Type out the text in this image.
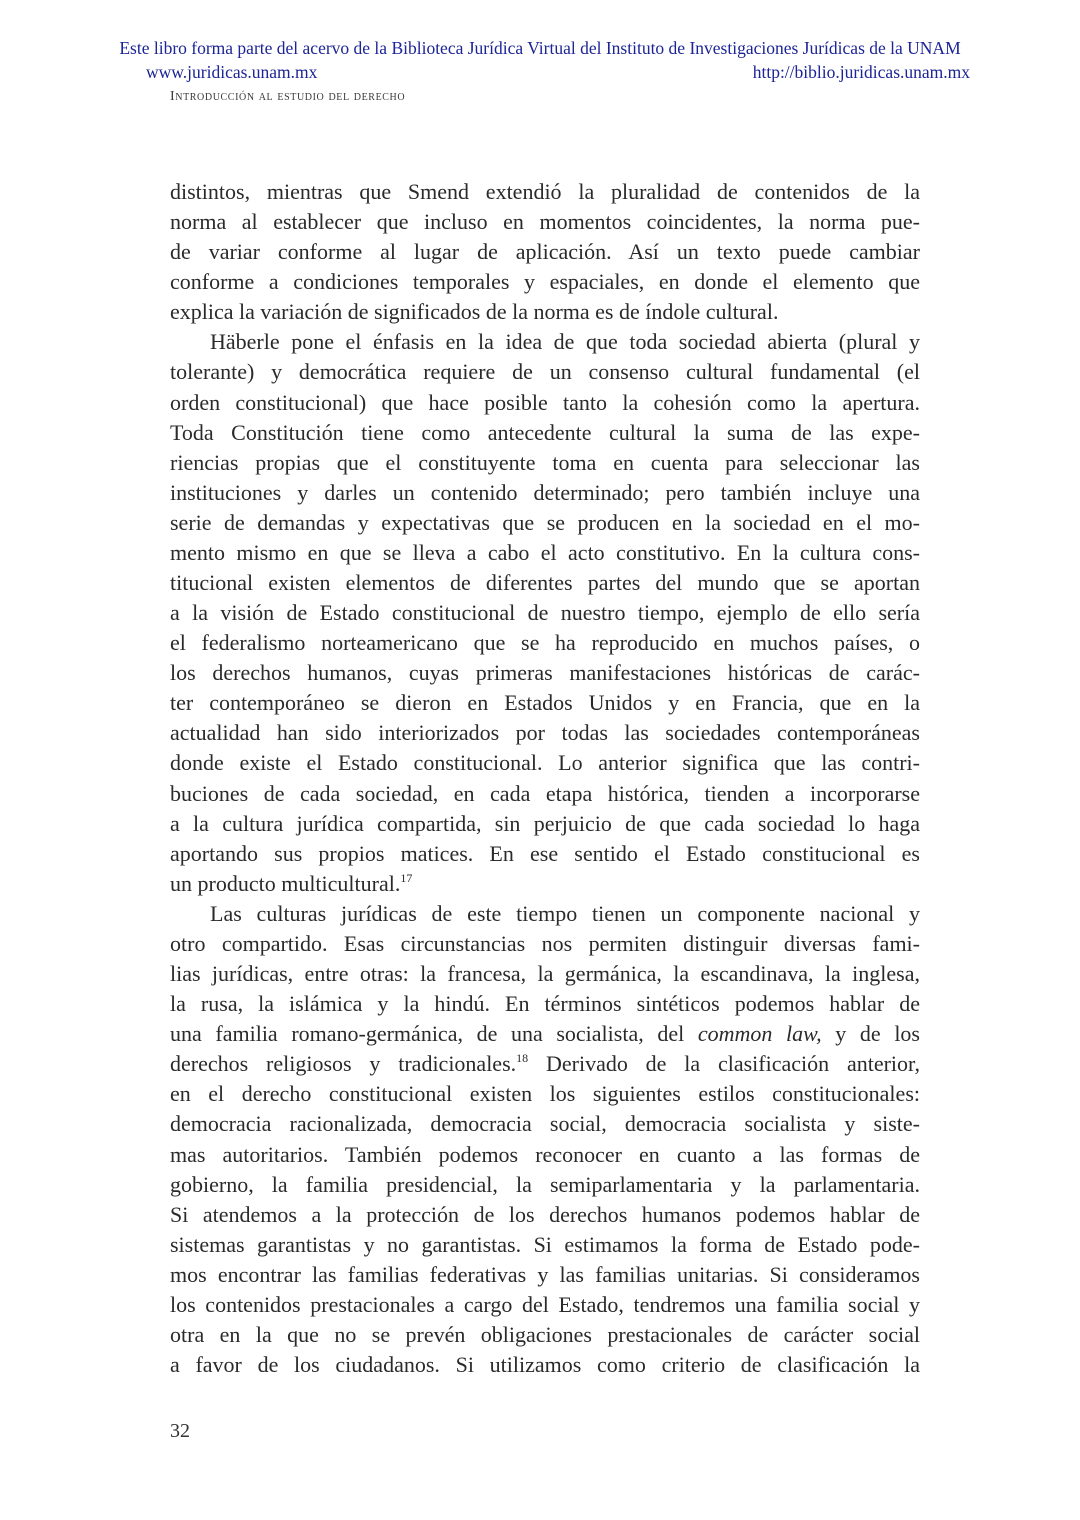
Este libro forma parte del acervo de la Biblioteca Jurídica Virtual del Instituto de Investigaciones Jurídicas de la UNAM
www.juridicas.unam.mx	http://biblio.juridicas.unam.mx
Introducción al estudio del derecho
distintos, mientras que Smend extendió la pluralidad de contenidos de la
norma al establecer que incluso en momentos coincidentes, la norma pue-
de variar conforme al lugar de aplicación. Así un texto puede cambiar
conforme a condiciones temporales y espaciales, en donde el elemento que
explica la variación de significados de la norma es de índole cultural.
Häberle pone el énfasis en la idea de que toda sociedad abierta (plural y
tolerante) y democrática requiere de un consenso cultural fundamental (el
orden constitucional) que hace posible tanto la cohesión como la apertura.
Toda Constitución tiene como antecedente cultural la suma de las expe-
riencias propias que el constituyente toma en cuenta para seleccionar las
instituciones y darles un contenido determinado; pero también incluye una
serie de demandas y expectativas que se producen en la sociedad en el mo-
mento mismo en que se lleva a cabo el acto constitutivo. En la cultura cons-
titucional existen elementos de diferentes partes del mundo que se aportan
a la visión de Estado constitucional de nuestro tiempo, ejemplo de ello sería
el federalismo norteamericano que se ha reproducido en muchos países, o
los derechos humanos, cuyas primeras manifestaciones históricas de carác-
ter contemporáneo se dieron en Estados Unidos y en Francia, que en la
actualidad han sido interiorizados por todas las sociedades contemporáneas
donde existe el Estado constitucional. Lo anterior significa que las contri-
buciones de cada sociedad, en cada etapa histórica, tienden a incorporarse
a la cultura jurídica compartida, sin perjuicio de que cada sociedad lo haga
aportando sus propios matices. En ese sentido el Estado constitucional es
un producto multicultural.$^{17}$
Las culturas jurídicas de este tiempo tienen un componente nacional y
otro compartido. Esas circunstancias nos permiten distinguir diversas fami-
lias jurídicas, entre otras: la francesa, la germánica, la escandinava, la inglesa,
la rusa, la islámica y la hindú. En términos sintéticos podemos hablar de
una familia romano-germánica, de una socialista, del common law, y de los
derechos religiosos y tradicionales.$^{18}$ Derivado de la clasificación anterior,
en el derecho constitucional existen los siguientes estilos constitucionales:
democracia racionalizada, democracia social, democracia socialista y siste-
mas autoritarios. También podemos reconocer en cuanto a las formas de
gobierno, la familia presidencial, la semiparlamentaria y la parlamentaria.
Si atendemos a la protección de los derechos humanos podemos hablar de
sistemas garantistas y no garantistas. Si estimamos la forma de Estado pode-
mos encontrar las familias federativas y las familias unitarias. Si consideramos
los contenidos prestacionales a cargo del Estado, tendremos una familia social y
otra en la que no se prevén obligaciones prestacionales de carácter social
a favor de los ciudadanos. Si utilizamos como criterio de clasificación la
32
